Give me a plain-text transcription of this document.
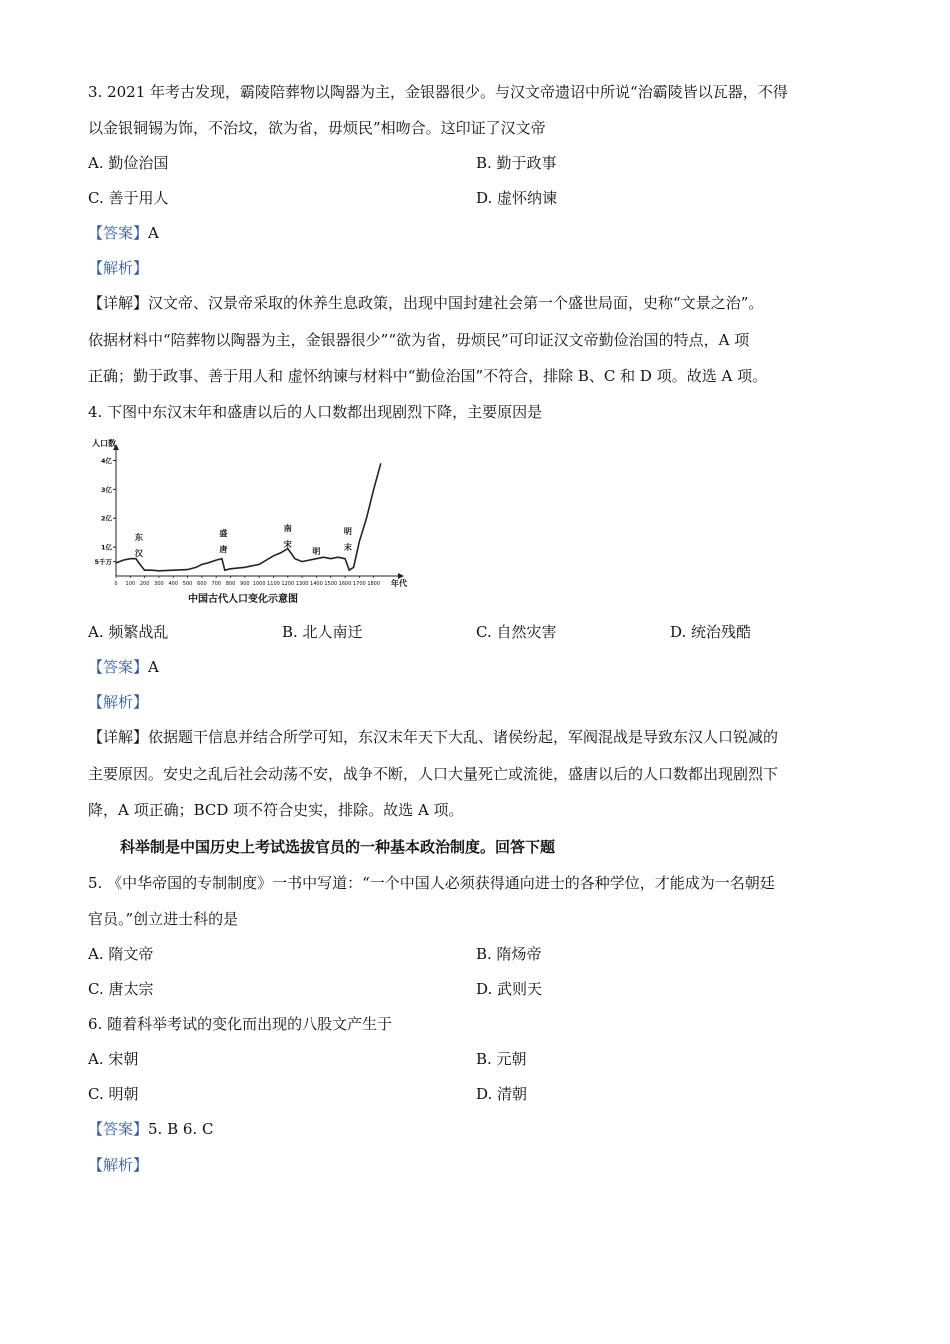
3. 2021 年考古发现，霸陵陪葬物以陶器为主，金银器很少。与汉文帝遗诏中所说“治霸陵皆以瓦器，不得
以金银铜锡为饰，不治坟，欲为省，毋烦民”相吻合。这印证了汉文帝
A. 勤俭治国	B. 勤于政事
C. 善于用人	D. 虚怀纳谏
【答案】A
【解析】
【详解】汉文帝、汉景帝采取的休养生息政策，出现中国封建社会第一个盛世局面，史称“文景之治”。
依据材料中“陪葬物以陶器为主，金银器很少”“欲为省，毋烦民”可印证汉文帝勤俭治国的特点，A 项
正确；勤于政事、善于用人和 虚怀纳谏与材料中“勤俭治国”不符合，排除 B、C 和 D 项。故选 A 项。
4. 下图中东汉末年和盛唐以后的人口数都出现剧烈下降，主要原因是
5千万
1亿
2亿
3亿
4亿
0 100 200 300 400 500 600 700 800 900 1000 1100 1200 1300 1400 1500 1600 1700 1800
东
汉
盛
唐
南
宋
明
明
末
人口数
年代
中国古代人口变化示意图
A. 频繁战乱	B. 北人南迁	C. 自然灾害	D. 统治残酷
【答案】A
【解析】
【详解】依据题干信息并结合所学可知，东汉末年天下大乱、诸侯纷起，军阀混战是导致东汉人口锐减的
主要原因。安史之乱后社会动荡不安，战争不断，人口大量死亡或流徙，盛唐以后的人口数都出现剧烈下
降，A 项正确；BCD 项不符合史实，排除。故选 A 项。
科举制是中国历史上考试选拔官员的一种基本政治制度。回答下题
5. 《中华帝国的专制制度》一书中写道：“一个中国人必须获得通向进士的各种学位，才能成为一名朝廷
官员。”创立进士科的是
A. 隋文帝	B. 隋炀帝
C. 唐太宗	D. 武则天
6. 随着科举考试的变化而出现的八股文产生于
A. 宋朝	B. 元朝
C. 明朝	D. 清朝
【答案】5. B 6. C
【解析】
